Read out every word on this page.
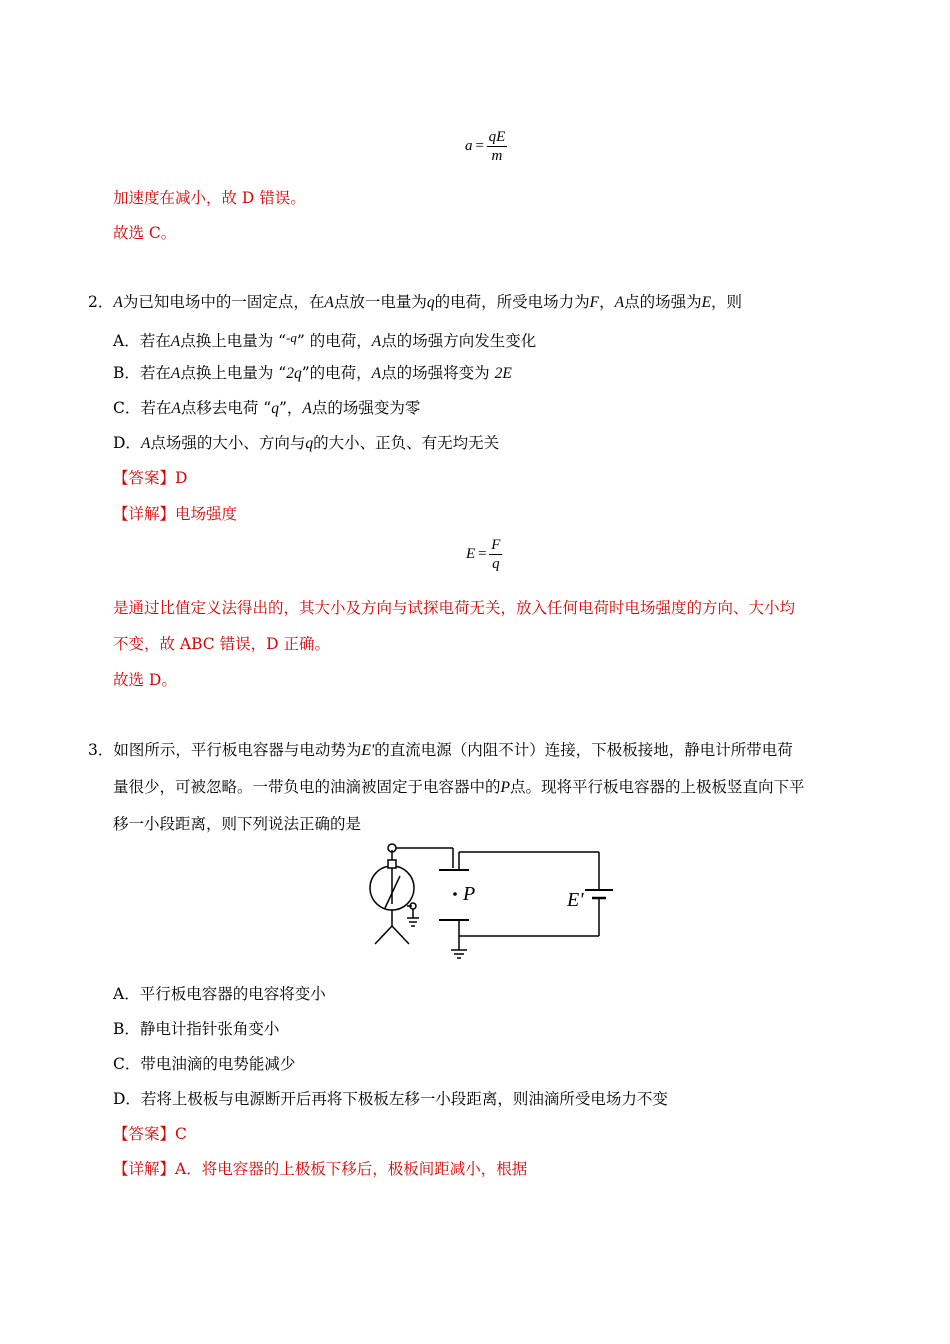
$a = \frac{qE}{m}$
加速度在减小，故 D 错误。
故选 C。
2．A为已知电场中的一固定点，在A点放一电量为q的电荷，所受电场力为F，A点的场强为E，则
A．若在A点换上电量为 “$^{-q}$” 的电荷，A点的场强方向发生变化
B．若在A点换上电量为 “2q”的电荷，A点的场强将变为 2E
C．若在A点移去电荷 “q”，A点的场强变为零
D．A点场强的大小、方向与q的大小、正负、有无均无关
【答案】D
【详解】电场强度
$E = \frac{F}{q}$
是通过比值定义法得出的，其大小及方向与试探电荷无关，放入任何电荷时电场强度的方向、大小均
不变，故 ABC 错误，D 正确。
故选 D。
3．如图所示，平行板电容器与电动势为E'的直流电源（内阻不计）连接，下极板接地，静电计所带电荷
量很少，可被忽略。一带负电的油滴被固定于电容器中的P点。现将平行板电容器的上极板竖直向下平
移一小段距离，则下列说法正确的是
P	E'
A．平行板电容器的电容将变小
B．静电计指针张角变小
C．带电油滴的电势能减少
D．若将上极板与电源断开后再将下极板左移一小段距离，则油滴所受电场力不变
【答案】C
【详解】A．将电容器的上极板下移后，极板间距减小，根据
